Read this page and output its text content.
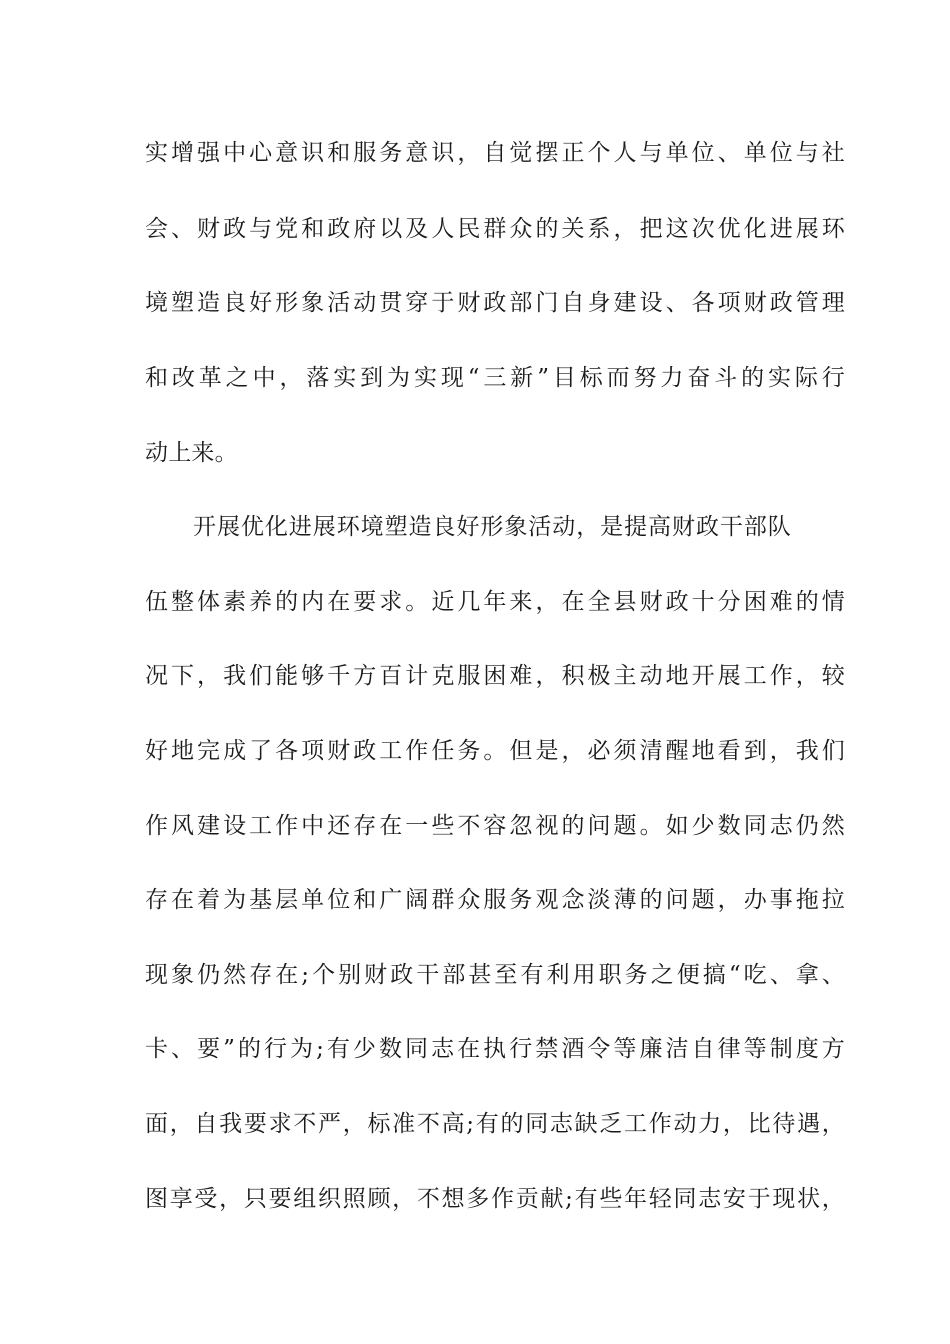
实增强中心意识和服务意识，自觉摆正个人与单位、单位与社
会、财政与党和政府以及人民群众的关系，把这次优化进展环
境塑造良好形象活动贯穿于财政部门自身建设、各项财政管理
和改革之中，落实到为实现“三新”目标而努力奋斗的实际行
动上来。
开展优化进展环境塑造良好形象活动，是提高财政干部队
伍整体素养的内在要求。近几年来，在全县财政十分困难的情
况下，我们能够千方百计克服困难，积极主动地开展工作，较
好地完成了各项财政工作任务。但是，必须清醒地看到，我们
作风建设工作中还存在一些不容忽视的问题。如少数同志仍然
存在着为基层单位和广阔群众服务观念淡薄的问题，办事拖拉
现象仍然存在;个别财政干部甚至有利用职务之便搞“吃、拿、
卡、要”的行为;有少数同志在执行禁酒令等廉洁自律等制度方
面，自我要求不严，标准不高;有的同志缺乏工作动力，比待遇，
图享受，只要组织照顾，不想多作贡献;有些年轻同志安于现状，
